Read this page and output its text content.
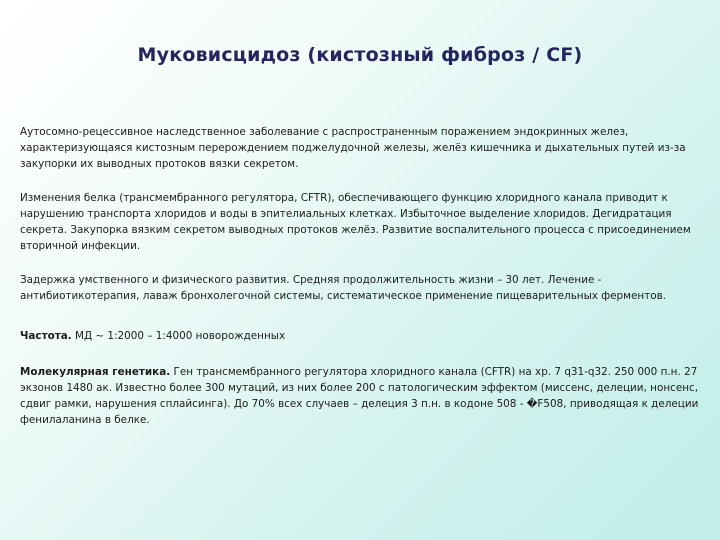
Муковисцидоз (кистозный фиброз / CF)

Аутосомно-рецессивное наследственное заболевание с распространенным поражением эндокринных желез, характеризующаяся кистозным перерождением поджелудочной железы, желёз кишечника и дыхательных путей из-за закупорки их выводных протоков вязки секретом.

Изменения белка (трансмембранного регулятора, CFTR), обеспечивающего функцию хлоридного канала приводит к нарушению транспорта хлоридов и воды в эпителиальных клетках. Избыточное выделение хлоридов. Дегидратация секрета. Закупорка вязким секретом выводных протоков желёз. Развитие воспалительного процесса с присоединением вторичной инфекции.

Задержка умственного и физического развития. Средняя продолжительность жизни – 30 лет. Лечение - антибиотикотерапия, лаваж бронхолегочной системы, систематическое применение пищеварительных ферментов.

Частота. МД ~ 1:2000 – 1:4000 новорожденных

Молекулярная генетика. Ген трансмембранного регулятора хлоридного канала (CFTR) на хр. 7 q31-q32. 250 000 п.н. 27 экзонов 1480 ак. Известно более 300 мутаций, из них более 200 с патологическим эффектом (миссенс, делеции, нонсенс, сдвиг рамки, нарушения сплайсинга). До 70% всех случаев – делеция 3 п.н. в кодоне 508 - �F508, приводящая к делеции фенилаланина в белке.
